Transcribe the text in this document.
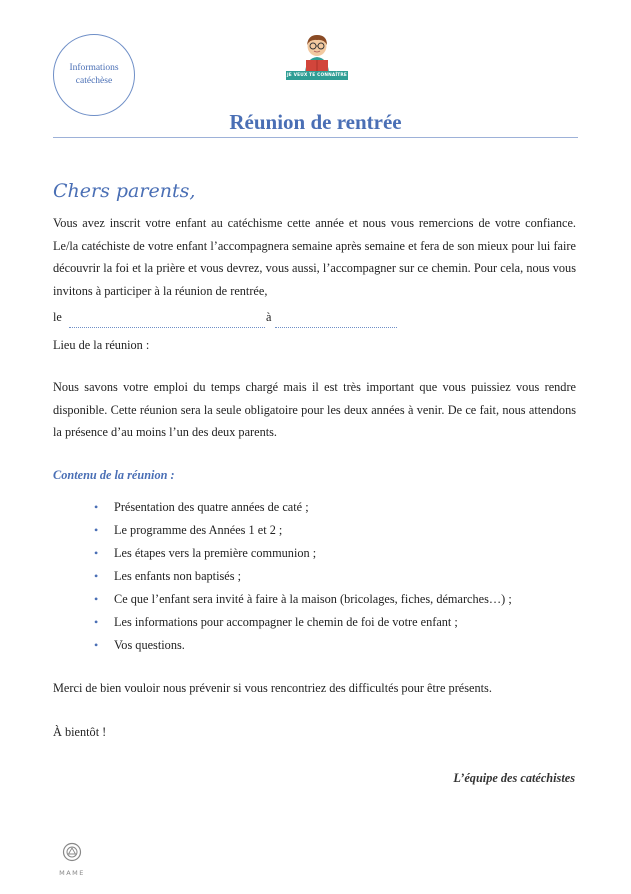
Informations
catéchèse
JE VEUX TE CONNAÎTRE
Réunion de rentrée
Chers parents,
Vous avez inscrit votre enfant au catéchisme cette année et nous vous remercions de votre confiance. Le/la catéchiste de votre enfant l’accompagnera semaine après semaine et fera de son mieux pour lui faire découvrir la foi et la prière et vous devrez, vous aussi, l’accompagner sur ce chemin. Pour cela, nous vous invitons à participer à la réunion de rentrée,
le	à
Lieu de la réunion :
Nous savons votre emploi du temps chargé mais il est très important que vous puissiez vous rendre disponible. Cette réunion sera la seule obligatoire pour les deux années à venir. De ce fait, nous attendons la présence d’au moins l’un des deux parents.
Contenu de la réunion :
• Présentation des quatre années de caté ;
• Le programme des Années 1 et 2 ;
• Les étapes vers la première communion ;
• Les enfants non baptisés ;
• Ce que l’enfant sera invité à faire à la maison (bricolages, fiches, démarches…) ;
• Les informations pour accompagner le chemin de foi de votre enfant ;
• Vos questions.
Merci de bien vouloir nous prévenir si vous rencontriez des difficultés pour être présents.
À bientôt !
L’équipe des catéchistes
MAME
